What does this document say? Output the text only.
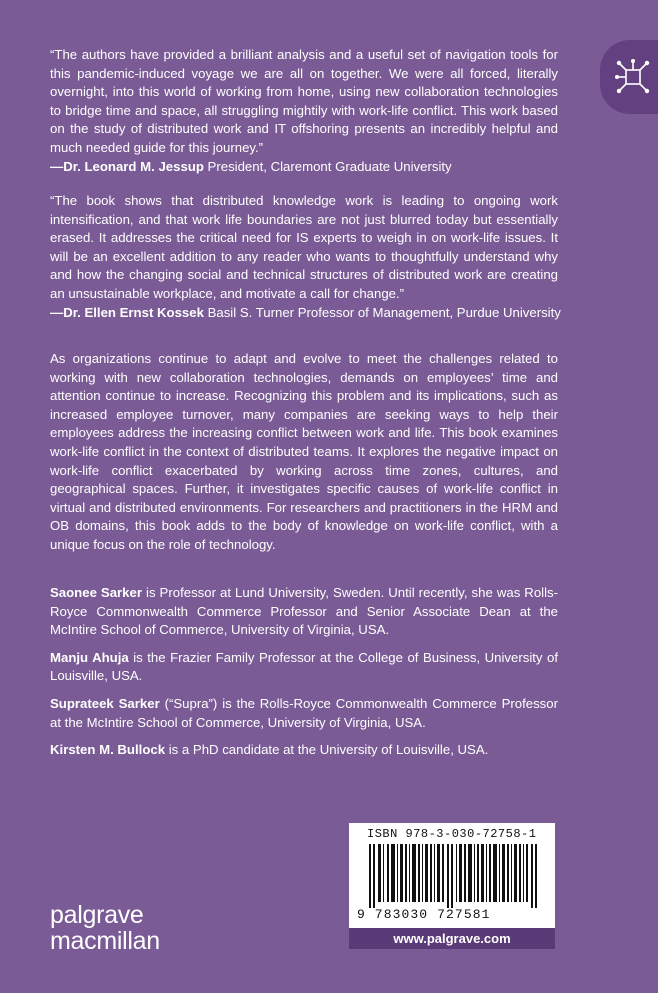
“The authors have provided a brilliant analysis and a useful set of navigation tools for this pandemic-induced voyage we are all on together. We were all forced, literally overnight, into this world of working from home, using new collaboration technologies to bridge time and space, all struggling mightily with work-life conflict. This work based on the study of distributed work and IT offshoring presents an incredibly helpful and much needed guide for this journey.”

—Dr. Leonard M. Jessup President, Claremont Graduate University

“The book shows that distributed knowledge work is leading to ongoing work intensification, and that work life boundaries are not just blurred today but essentially erased. It addresses the critical need for IS experts to weigh in on work-life issues. It will be an excellent addition to any reader who wants to thoughtfully understand why and how the changing social and technical structures of distributed work are creating an unsustainable workplace, and motivate a call for change.”

—Dr. Ellen Ernst Kossek Basil S. Turner Professor of Management, Purdue University

As organizations continue to adapt and evolve to meet the challenges related to working with new collaboration technologies, demands on employees’ time and attention continue to increase. Recognizing this problem and its implications, such as increased employee turnover, many companies are seeking ways to help their employees address the increasing conflict between work and life. This book examines work-life conflict in the context of distributed teams. It explores the negative impact on work-life conflict exacerbated by working across time zones, cultures, and geographical spaces. Further, it investigates specific causes of work-life conflict in virtual and distributed environments. For researchers and practitioners in the HRM and OB domains, this book adds to the body of knowledge on work-life conflict, with a unique focus on the role of technology.

Saonee Sarker is Professor at Lund University, Sweden. Until recently, she was Rolls-Royce Commonwealth Commerce Professor and Senior Associate Dean at the McIntire School of Commerce, University of Virginia, USA.

Manju Ahuja is the Frazier Family Professor at the College of Business, University of Louisville, USA.

Suprateek Sarker (“Supra”) is the Rolls-Royce Commonwealth Commerce Professor at the McIntire School of Commerce, University of Virginia, USA.

Kirsten M. Bullock is a PhD candidate at the University of Louisville, USA.

palgrave
macmillan
ISBN 978-3-030-72758-1
9 783030 727581
www.palgrave.com
